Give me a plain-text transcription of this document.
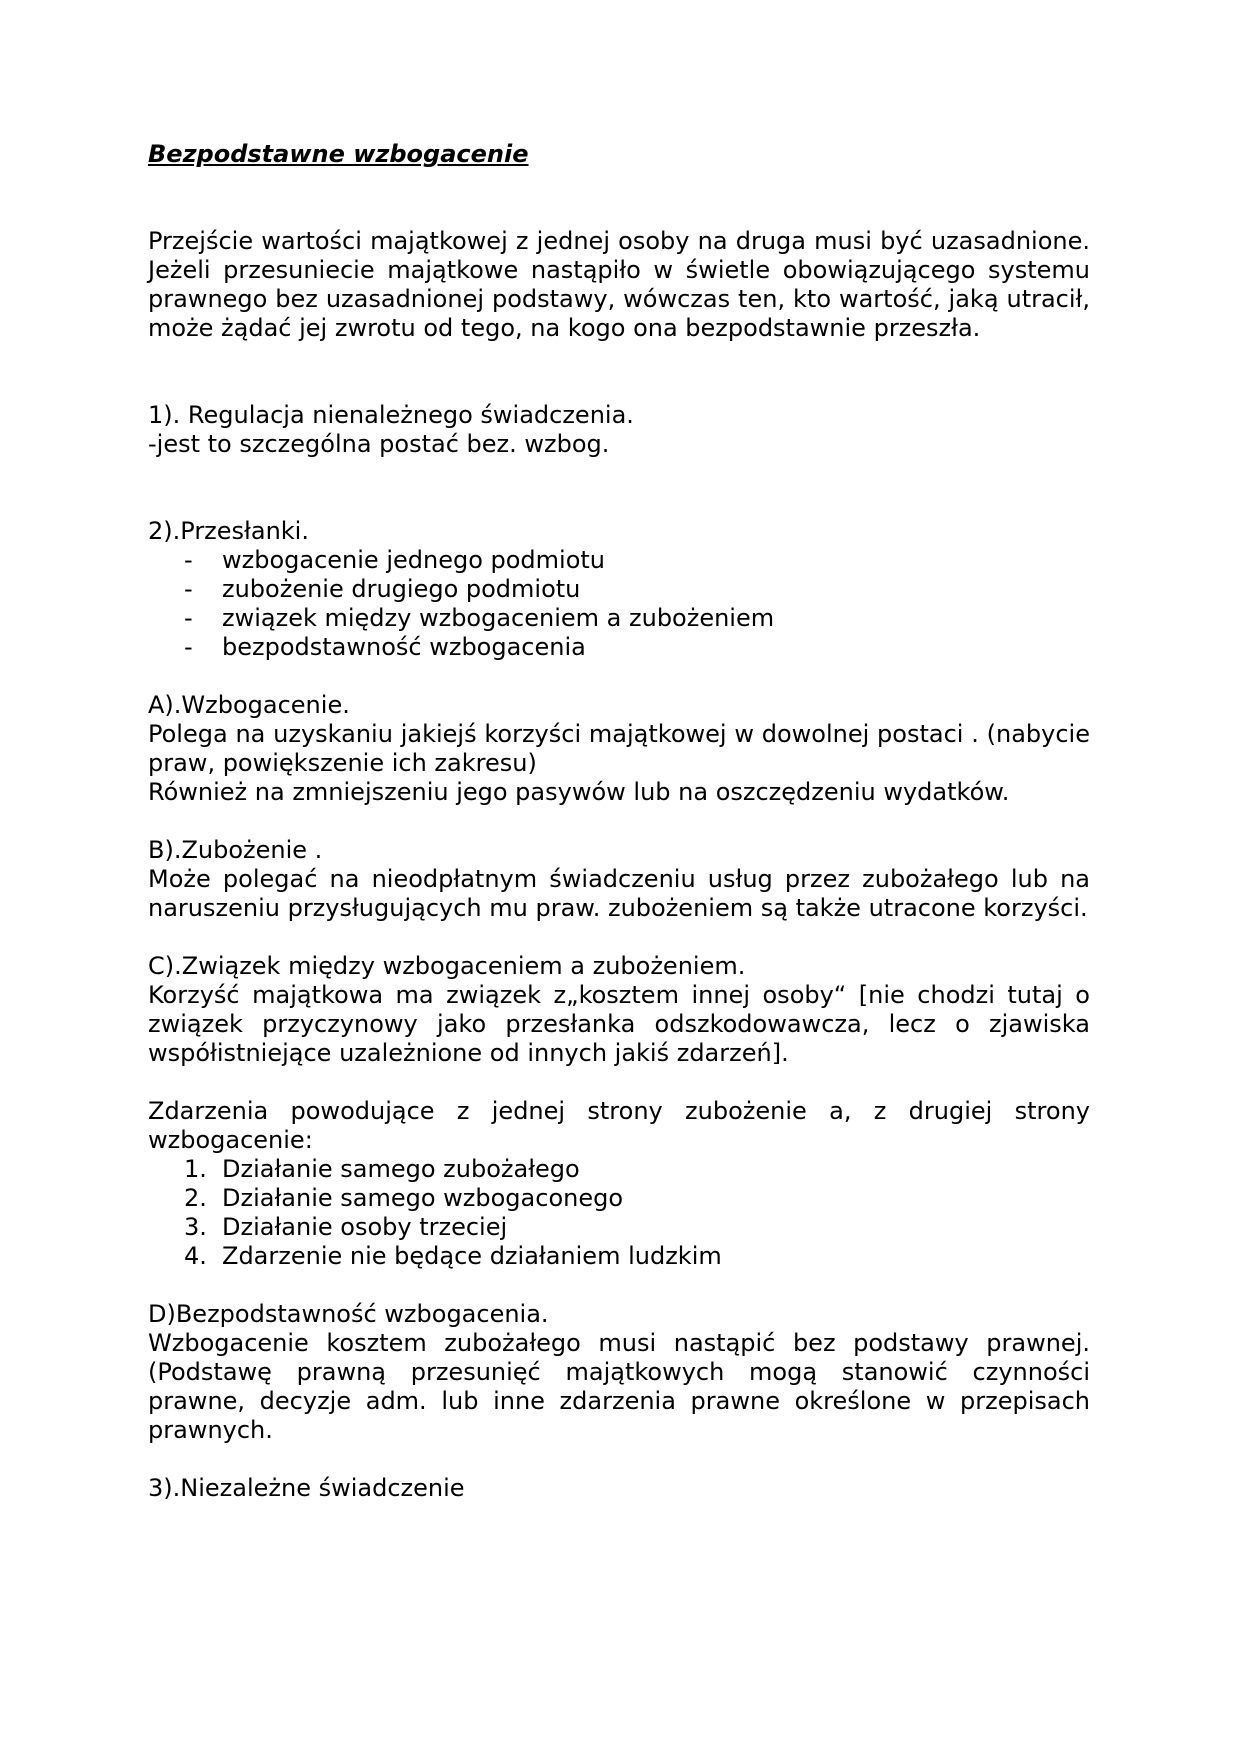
Bezpodstawne wzbogacenie

Przejście wartości majątkowej z jednej osoby na druga musi być uzasadnione. Jeżeli przesuniecie majątkowe nastąpiło w świetle obowiązującego systemu prawnego bez uzasadnionej podstawy, wówczas ten, kto wartość, jaką utracił, może żądać jej zwrotu od tego, na kogo ona bezpodstawnie przeszła.

1). Regulacja nienależnego świadczenia.

-jest to szczególna postać bez. wzbog.

2).Przesłanki.

- wzbogacenie jednego podmiotu
- zubożenie drugiego podmiotu
- związek między wzbogaceniem a zubożeniem
- bezpodstawność wzbogacenia

A).Wzbogacenie.

Polega na uzyskaniu jakiejś korzyści majątkowej w dowolnej postaci . (nabycie praw, powiększenie ich zakresu)

Również na zmniejszeniu jego pasywów lub na oszczędzeniu wydatków.

B).Zubożenie .

Może polegać na nieodpłatnym świadczeniu usług przez zubożałego lub na naruszeniu przysługujących mu praw. zubożeniem są także utracone korzyści.

C).Związek między wzbogaceniem a zubożeniem.

Korzyść majątkowa ma związek z„kosztem innej osoby“ [nie chodzi tutaj o związek przyczynowy jako przesłanka odszkodowawcza, lecz o zjawiska współistniejące uzależnione od innych jakiś zdarzeń].

Zdarzenia powodujące z jednej strony zubożenie a, z drugiej strony wzbogacenie:

1. Działanie samego zubożałego
2. Działanie samego wzbogaconego
3. Działanie osoby trzeciej
4. Zdarzenie nie będące działaniem ludzkim

D)Bezpodstawność wzbogacenia.

Wzbogacenie kosztem zubożałego musi nastąpić bez podstawy prawnej. (Podstawę prawną przesunięć majątkowych mogą stanowić czynności prawne, decyzje adm. lub inne zdarzenia prawne określone w przepisach prawnych.

3).Niezależne świadczenie
